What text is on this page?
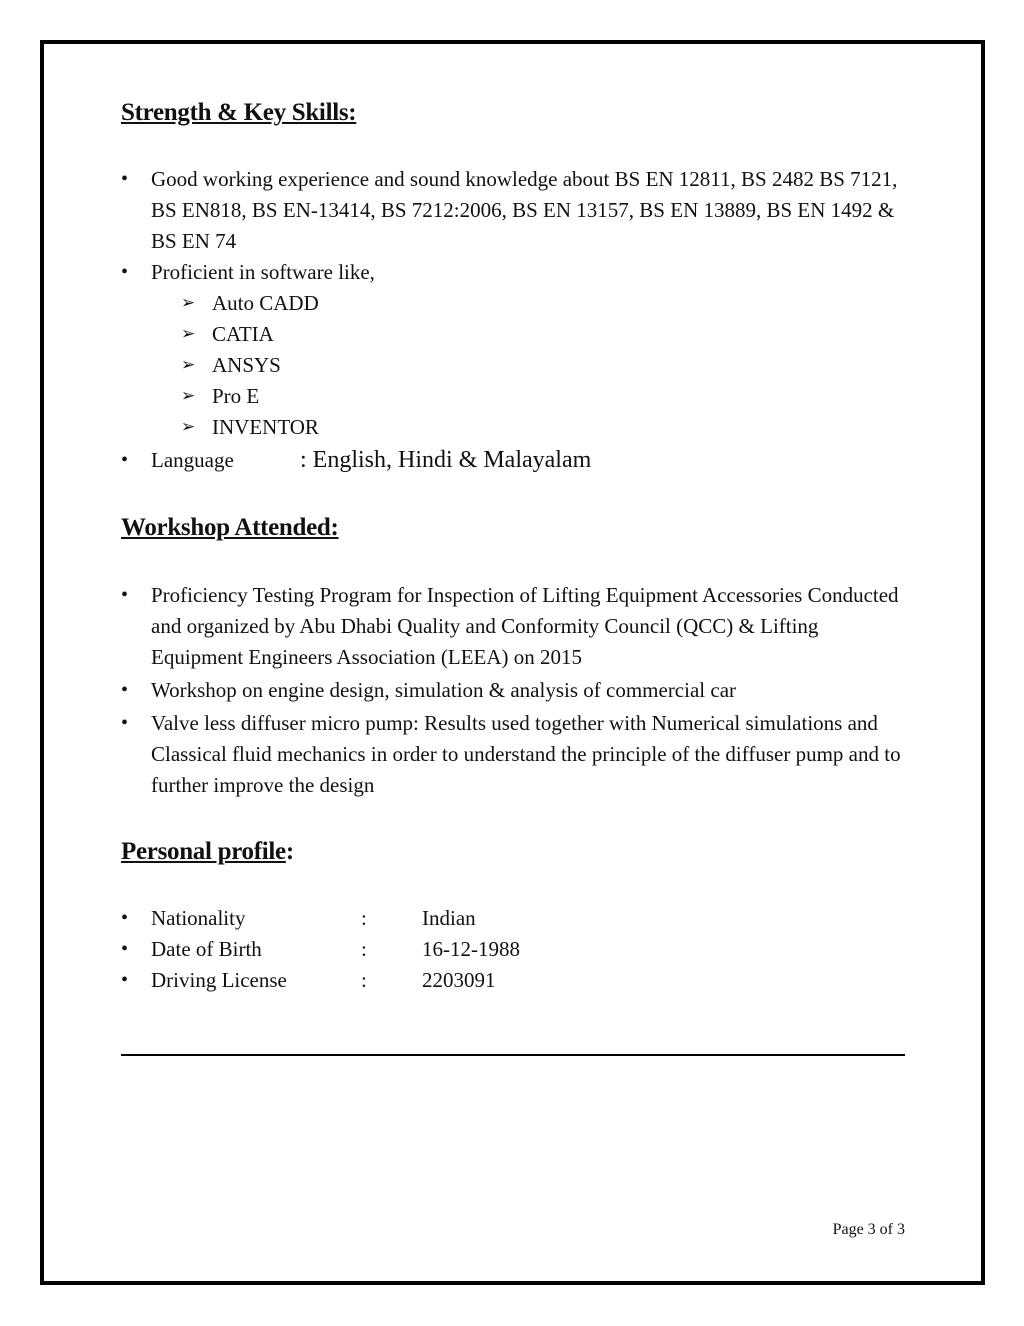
Strength & Key Skills:
• Good working experience and sound knowledge about BS EN 12811, BS 2482 BS 7121, BS EN818, BS EN-13414, BS 7212:2006, BS EN 13157, BS EN 13889, BS EN 1492 & BS EN 74
• Proficient in software like,
➢ Auto CADD
➢ CATIA
➢ ANSYS
➢ Pro E
➢ INVENTOR
• Language	: English, Hindi & Malayalam
Workshop Attended:
• Proficiency Testing Program for Inspection of Lifting Equipment Accessories Conducted and organized by Abu Dhabi Quality and Conformity Council (QCC) & Lifting Equipment Engineers Association (LEEA) on 2015
• Workshop on engine design, simulation & analysis of commercial car
• Valve less diffuser micro pump: Results used together with Numerical simulations and Classical fluid mechanics in order to understand the principle of the diffuser pump and to further improve the design
Personal profile:
• Nationality	:	Indian
• Date of Birth	:	16-12-1988
• Driving License	:	2203091
Page 3 of 3
